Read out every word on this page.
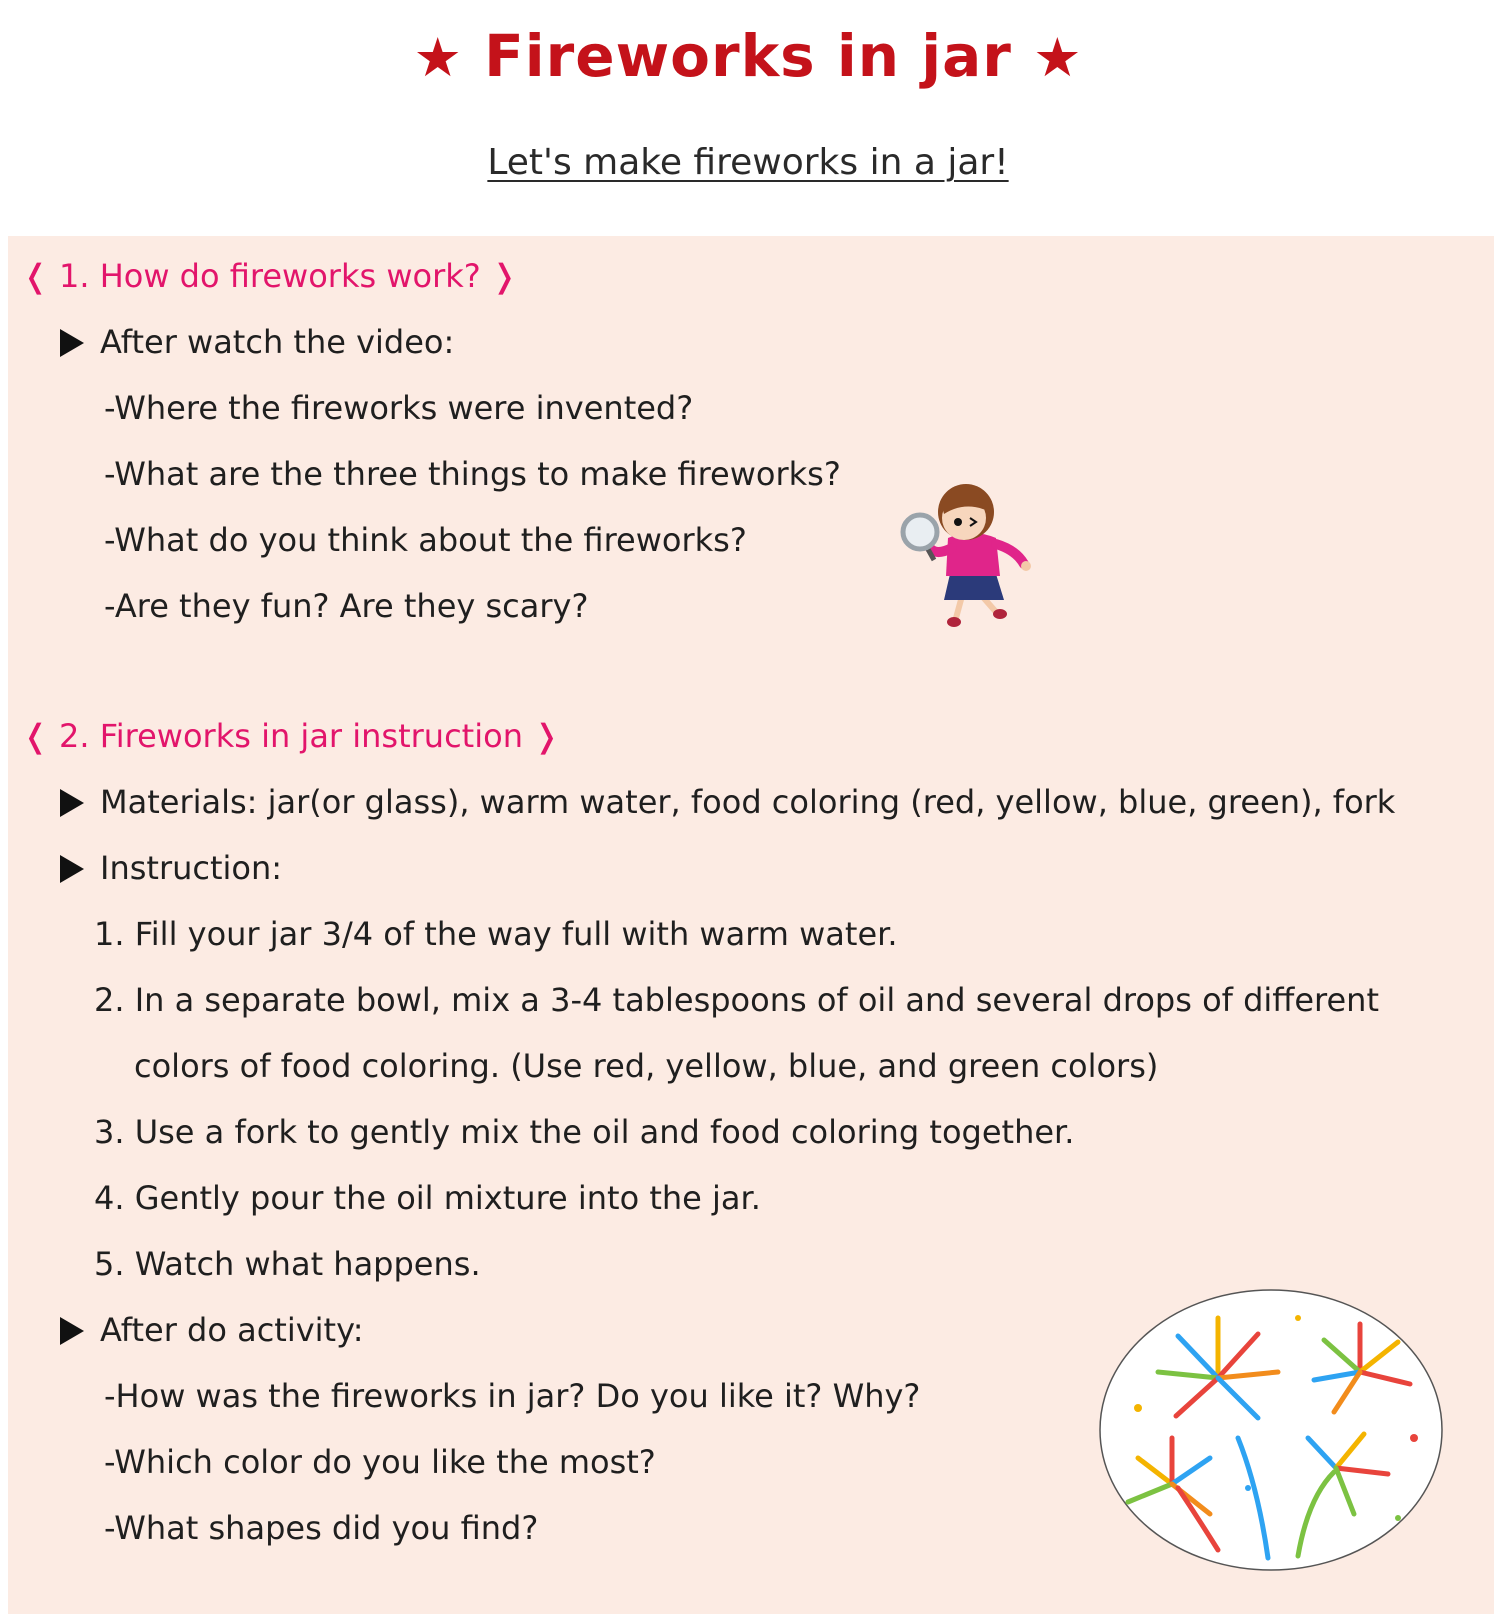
★ Fireworks in jar ★
Let's make fireworks in a jar!
❬ 1. How do fireworks work? ❭
After watch the video:
-Where the fireworks were invented?
-What are the three things to make fireworks?
-What do you think about the fireworks?
-Are they fun? Are they scary?
❬ 2. Fireworks in jar instruction ❭
Materials: jar(or glass), warm water, food coloring (red, yellow, blue, green), fork
Instruction:
1. Fill your jar 3/4 of the way full with warm water.
2. In a separate bowl, mix a 3-4 tablespoons of oil and several drops of different
colors of food coloring. (Use red, yellow, blue, and green colors)
3. Use a fork to gently mix the oil and food coloring together.
4. Gently pour the oil mixture into the jar.
5. Watch what happens.
After do activity:
-How was the fireworks in jar? Do you like it? Why?
-Which color do you like the most?
-What shapes did you find?
